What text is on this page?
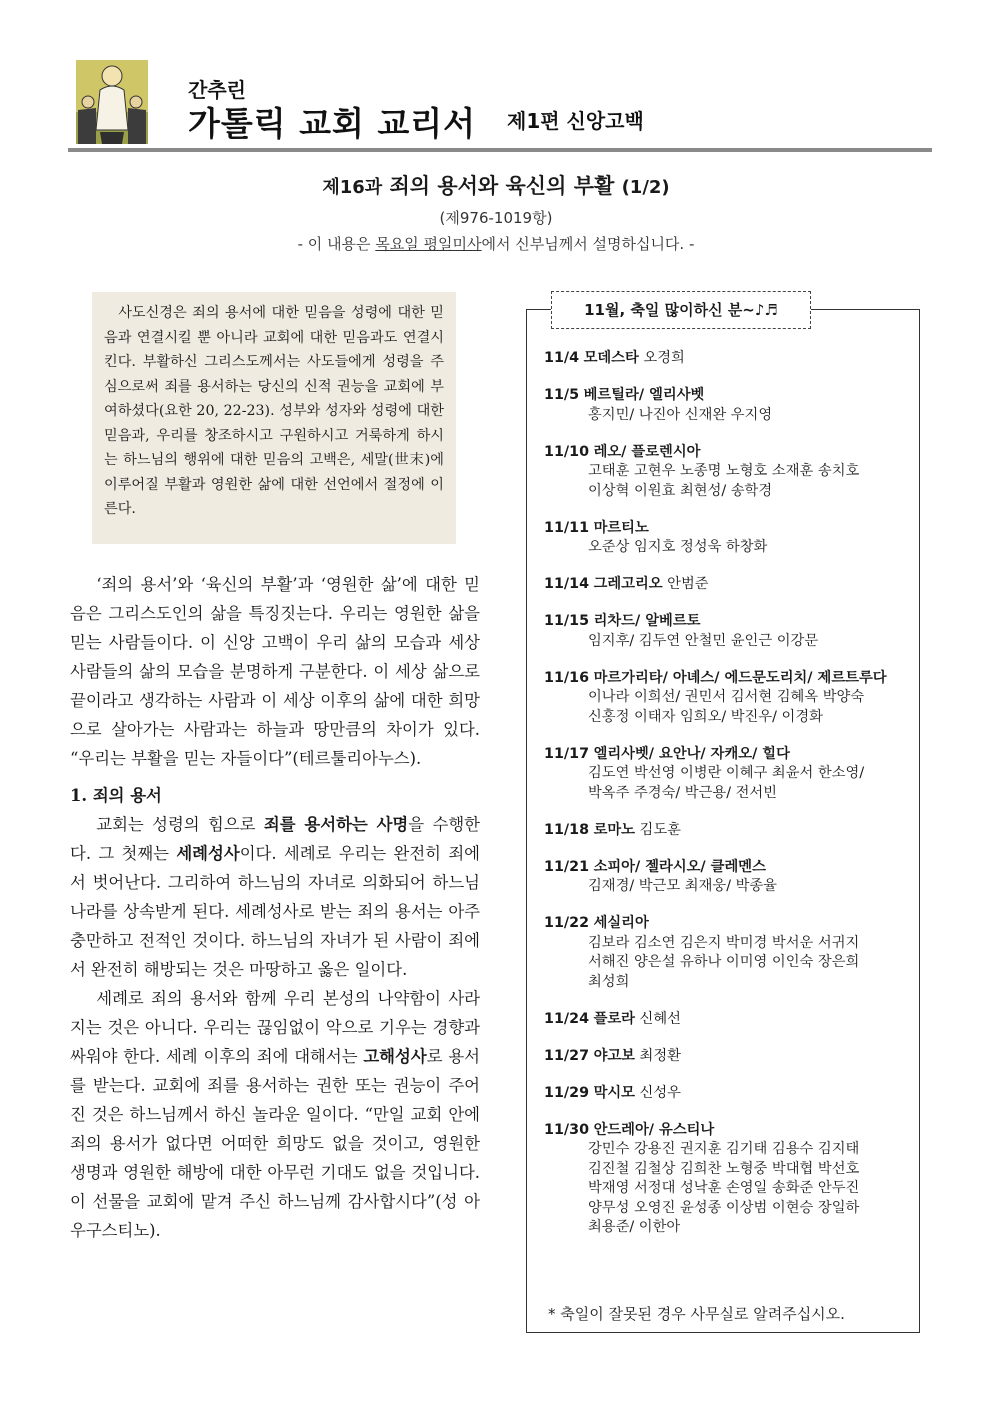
간추린
가톨릭 교회 교리서 제1편 신앙고백
제16과 죄의 용서와 육신의 부활 (1/2)
(제976-1019항)
- 이 내용은 목요일 평일미사에서 신부님께서 설명하십니다. -

사도신경은 죄의 용서에 대한 믿음을 성령에 대한 믿음과 연결시킬 뿐 아니라 교회에 대한 믿음과도 연결시킨다. 부활하신 그리스도께서는 사도들에게 성령을 주심으로써 죄를 용서하는 당신의 신적 권능을 교회에 부여하셨다(요한 20, 22-23). 성부와 성자와 성령에 대한 믿음과, 우리를 창조하시고 구원하시고 거룩하게 하시는 하느님의 행위에 대한 믿음의 고백은, 세말(世末)에 이루어질 부활과 영원한 삶에 대한 선언에서 절정에 이른다.

‘죄의 용서’와 ‘육신의 부활’과 ‘영원한 삶’에 대한 믿음은 그리스도인의 삶을 특징짓는다. 우리는 영원한 삶을 믿는 사람들이다. 이 신앙 고백이 우리 삶의 모습과 세상 사람들의 삶의 모습을 분명하게 구분한다. 이 세상 삶으로 끝이라고 생각하는 사람과 이 세상 이후의 삶에 대한 희망으로 살아가는 사람과는 하늘과 땅만큼의 차이가 있다. “우리는 부활을 믿는 자들이다”(테르툴리아누스).

1. 죄의 용서

교회는 성령의 힘으로 죄를 용서하는 사명을 수행한다. 그 첫째는 세례성사이다. 세례로 우리는 완전히 죄에서 벗어난다. 그리하여 하느님의 자녀로 의화되어 하느님 나라를 상속받게 된다. 세례성사로 받는 죄의 용서는 아주 충만하고 전적인 것이다. 하느님의 자녀가 된 사람이 죄에서 완전히 해방되는 것은 마땅하고 옳은 일이다.

세례로 죄의 용서와 함께 우리 본성의 나약함이 사라지는 것은 아니다. 우리는 끊임없이 악으로 기우는 경향과 싸워야 한다. 세례 이후의 죄에 대해서는 고해성사로 용서를 받는다. 교회에 죄를 용서하는 권한 또는 권능이 주어진 것은 하느님께서 하신 놀라운 일이다. “만일 교회 안에 죄의 용서가 없다면 어떠한 희망도 없을 것이고, 영원한 생명과 영원한 해방에 대한 아무런 기대도 없을 것입니다. 이 선물을 교회에 맡겨 주신 하느님께 감사합시다”(성 아우구스티노).

11월, 축일 많이하신 분~♪♬
11/4 모데스타 오경희
11/5 베르틸라/ 엘리사벳
홍지민/ 나진아 신재완 우지영
11/10 레오/ 플로렌시아
고태훈 고현우 노종명 노형호 소재훈 송치호
이상혁 이원효 최현성/ 송학경
11/11 마르티노
오준상 임지호 정성욱 하창화
11/14 그레고리오 안범준
11/15 리차드/ 알베르토
임지후/ 김두연 안철민 윤인근 이강문
11/16 마르가리타/ 아녜스/ 에드문도리치/ 제르트루다
이나라 이희선/ 권민서 김서현 김혜옥 박양숙
신홍정 이태자 임희오/ 박진우/ 이경화
11/17 엘리사벳/ 요안나/ 자캐오/ 힐다
김도연 박선영 이병란 이혜구 최윤서 한소영/
박옥주 주경숙/ 박근용/ 전서빈
11/18 로마노 김도훈
11/21 소피아/ 젤라시오/ 클레멘스
김재경/ 박근모 최재웅/ 박종율
11/22 세실리아
김보라 김소연 김은지 박미경 박서운 서귀지
서해진 양은설 유하나 이미영 이인숙 장은희
최성희
11/24 플로라 신혜선
11/27 야고보 최정환
11/29 막시모 신성우
11/30 안드레아/ 유스티나
강민수 강용진 권지훈 김기태 김용수 김지태
김진철 김철상 김희찬 노형중 박대협 박선호
박재영 서정대 성낙훈 손영일 송화준 안두진
양무성 오영진 윤성종 이상범 이현승 장일하
최용준/ 이한아
* 축일이 잘못된 경우 사무실로 알려주십시오.
